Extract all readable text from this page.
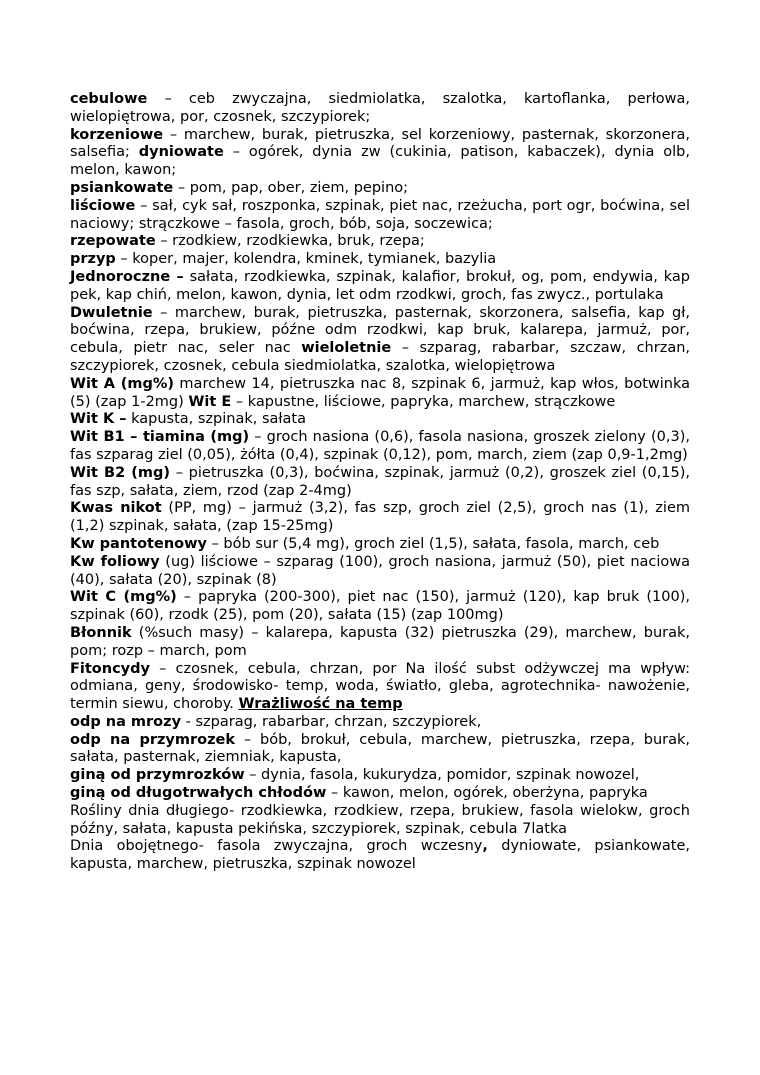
cebulowe – ceb zwyczajna, siedmiolatka, szalotka, kartoflanka, perłowa, wielopiętrowa, por, czosnek, szczypiorek;

korzeniowe – marchew, burak, pietruszka, sel korzeniowy, pasternak, skorzonera, salsefia; dyniowate – ogórek, dynia zw (cukinia, patison, kabaczek), dynia olb, melon, kawon;

psiankowate – pom, pap, ober, ziem, pepino;

liściowe – sał, cyk sał, roszponka, szpinak, piet nac, rzeżucha, port ogr, boćwina, sel naciowy; strączkowe – fasola, groch, bób, soja, soczewica;

rzepowate – rzodkiew, rzodkiewka, bruk, rzepa;

przyp – koper, majer, kolendra, kminek, tymianek, bazylia

Jednoroczne – sałata, rzodkiewka, szpinak, kalafior, brokuł, og, pom, endywia, kap pek, kap chiń, melon, kawon, dynia, let odm rzodkwi, groch, fas zwycz., portulaka

Dwuletnie – marchew, burak, pietruszka, pasternak, skorzonera, salsefia, kap gł, boćwina, rzepa, brukiew, późne odm rzodkwi, kap bruk, kalarepa, jarmuż, por, cebula, pietr nac, seler nac wieloletnie – szparag, rabarbar, szczaw, chrzan, szczypiorek, czosnek, cebula siedmiolatka, szalotka, wielopiętrowa

Wit A (mg%) marchew 14, pietruszka nac 8, szpinak 6, jarmuż, kap włos, botwinka (5) (zap 1-2mg) Wit E – kapustne, liściowe, papryka, marchew, strączkowe

Wit K – kapusta, szpinak, sałata

Wit B1 – tiamina (mg) – groch nasiona (0,6), fasola nasiona, groszek zielony (0,3), fas szparag ziel (0,05), żółta (0,4), szpinak (0,12), pom, march, ziem (zap 0,9-1,2mg)

Wit B2 (mg) – pietruszka (0,3), boćwina, szpinak, jarmuż (0,2), groszek ziel (0,15), fas szp, sałata, ziem, rzod (zap 2-4mg)

Kwas nikot (PP, mg) – jarmuż (3,2), fas szp, groch ziel (2,5), groch nas (1), ziem (1,2) szpinak, sałata, (zap 15-25mg)

Kw pantotenowy – bób sur (5,4 mg), groch ziel (1,5), sałata, fasola, march, ceb

Kw foliowy (ug) liściowe – szparag (100), groch nasiona, jarmuż (50), piet naciowa (40), sałata (20), szpinak (8)

Wit C (mg%) – papryka (200-300), piet nac (150), jarmuż (120), kap bruk (100), szpinak (60), rzodk (25), pom (20), sałata (15) (zap 100mg)

Błonnik (%such masy) – kalarepa, kapusta (32) pietruszka (29), marchew, burak, pom; rozp – march, pom

Fitoncydy – czosnek, cebula, chrzan, por Na ilość subst odżywczej ma wpływ: odmiana, geny, środowisko- temp, woda, światło, gleba, agrotechnika- nawożenie, termin siewu, choroby. Wrażliwość na temp

odp na mrozy - szparag, rabarbar, chrzan, szczypiorek,

odp na przymrozek – bób, brokuł, cebula, marchew, pietruszka, rzepa, burak, sałata, pasternak, ziemniak, kapusta,

giną od przymrozków – dynia, fasola, kukurydza, pomidor, szpinak nowozel,

giną od długotrwałych chłodów – kawon, melon, ogórek, oberżyna, papryka

Rośliny dnia długiego- rzodkiewka, rzodkiew, rzepa, brukiew, fasola wielokw, groch późny, sałata, kapusta pekińska, szczypiorek, szpinak, cebula 7latka

Dnia obojętnego- fasola zwyczajna, groch wczesny, dyniowate, psiankowate, kapusta, marchew, pietruszka, szpinak nowozel
